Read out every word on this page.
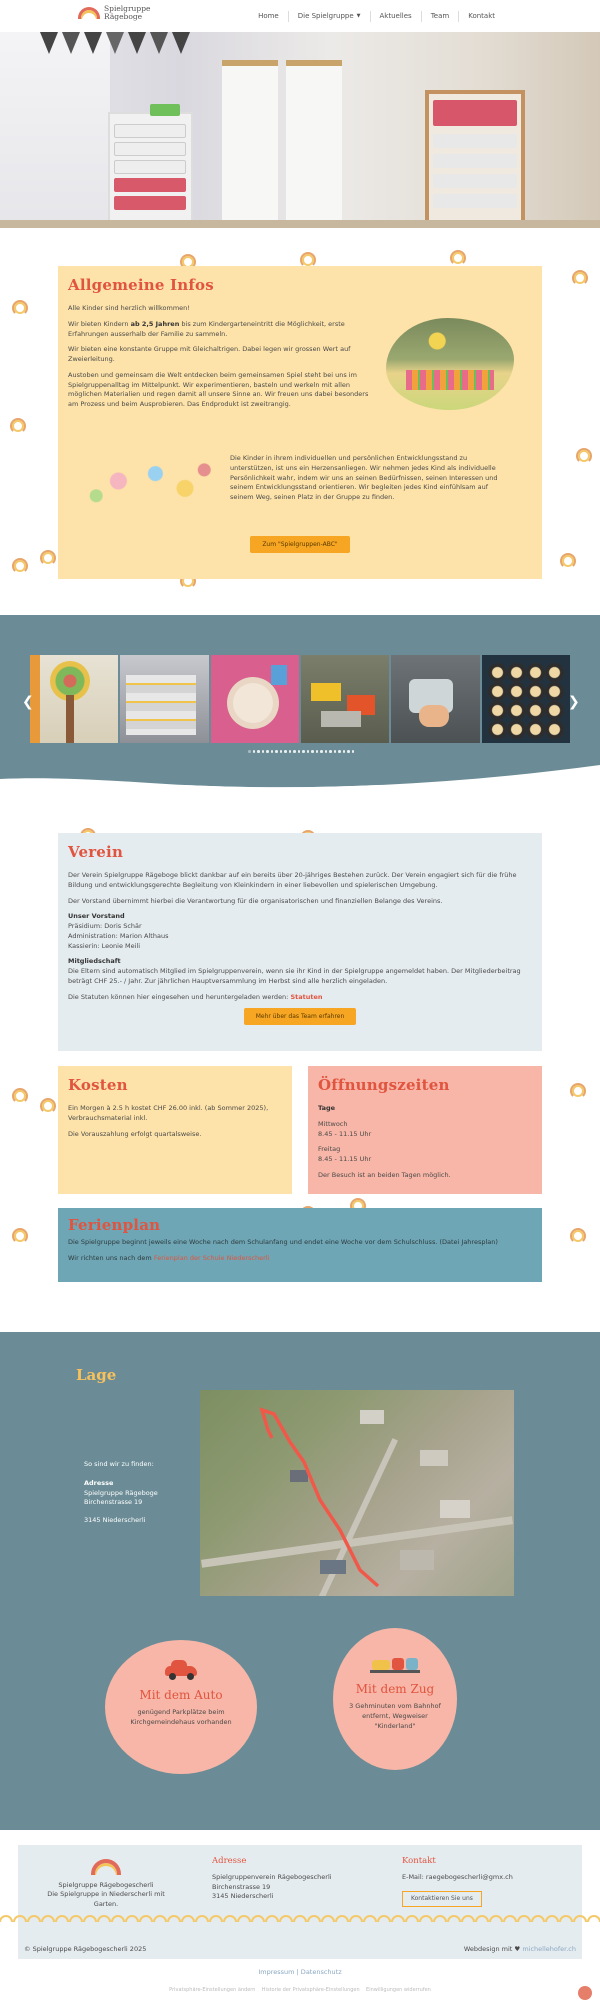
Spielgruppe
Rägeboge	Home	Die Spielgruppe ▼	Aktuelles	Team	Kontakt
Allgemeine Infos

Alle Kinder sind herzlich willkommen!

Wir bieten Kindern ab 2,5 Jahren bis zum Kindergarteneintritt die Möglichkeit, erste Erfahrungen ausserhalb der Familie zu sammeln.

Wir bieten eine konstante Gruppe mit Gleichaltrigen. Dabei legen wir grossen Wert auf Zweierleitung.

Austoben und gemeinsam die Welt entdecken beim gemeinsamen Spiel steht bei uns im Spielgruppenalltag im Mittelpunkt. Wir experimentieren, basteln und werkeln mit allen möglichen Materialien und regen damit all unsere Sinne an. Wir freuen uns dabei besonders am Prozess und beim Ausprobieren. Das Endprodukt ist zweitrangig.

Die Kinder in ihrem individuellen und persönlichen Entwicklungsstand zu unterstützen, ist uns ein Herzensanliegen. Wir nehmen jedes Kind als individuelle Persönlichkeit wahr, indem wir uns an seinen Bedürfnissen, seinen Interessen und seinem Entwicklungsstand orientieren. Wir begleiten jedes Kind einfühlsam auf seinem Weg, seinen Platz in der Gruppe zu finden.

Zum "Spielgruppen-ABC"
❮	❯
Verein

Der Verein Spielgruppe Rägeboge blickt dankbar auf ein bereits über 20-jähriges Bestehen zurück. Der Verein engagiert sich für die frühe Bildung und entwicklungsgerechte Begleitung von Kleinkindern in einer liebevollen und spielerischen Umgebung.

Der Vorstand übernimmt hierbei die Verantwortung für die organisatorischen und finanziellen Belange des Vereins.

Unser Vorstand

Präsidium: Doris Schär

Administration: Marion Althaus

Kassierin: Leonie Meili

Mitgliedschaft

Die Eltern sind automatisch Mitglied im Spielgruppenverein, wenn sie ihr Kind in der Spielgruppe angemeldet haben. Der Mitgliederbeitrag beträgt CHF 25.- / Jahr. Zur jährlichen Hauptversammlung im Herbst sind alle herzlich eingeladen.

Die Statuten können hier eingesehen und heruntergeladen werden: Statuten

Mehr über das Team erfahren
Kosten

Ein Morgen à 2.5 h kostet CHF 26.00 inkl. (ab Sommer 2025), Verbrauchsmaterial inkl.

Die Vorauszahlung erfolgt quartalsweise.

Öffnungszeiten

Tage

Mittwoch

8.45 - 11.15 Uhr

Freitag

8.45 - 11.15 Uhr

Der Besuch ist an beiden Tagen möglich.

Ferienplan

Die Spielgruppe beginnt jeweils eine Woche nach dem Schulanfang und endet eine Woche vor dem Schulschluss. (Datei Jahresplan)

Wir richten uns nach dem Ferienplan der Schule Niederscherli

Lage

So sind wir zu finden:

Adresse

Spielgruppe Rägeboge

Birchenstrasse 19

3145 Niederscherli

Mit dem Auto

genügend Parkplätze beim Kirchgemeindehaus vorhanden

Mit dem Zug

3 Gehminuten vom Bahnhof entfernt, Wegweiser "Kinderland"

Spielgruppe Rägebogescherli

Die Spielgruppe in Niederscherli mit Garten.

Adresse

Spielgruppenverein Rägebogescherli

Birchenstrasse 19

3145 Niederscherli

Kontakt

E-Mail: raegebogescherli@gmx.ch

Kontaktieren Sie uns
© Spielgruppe Rägebogescherli 2025	Webdesign mit ♥ michellehofer.ch
Impressum | Datenschutz
Privatsphäre-Einstellungen ändern Historie der Privatsphäre-Einstellungen Einwilligungen widerrufen
